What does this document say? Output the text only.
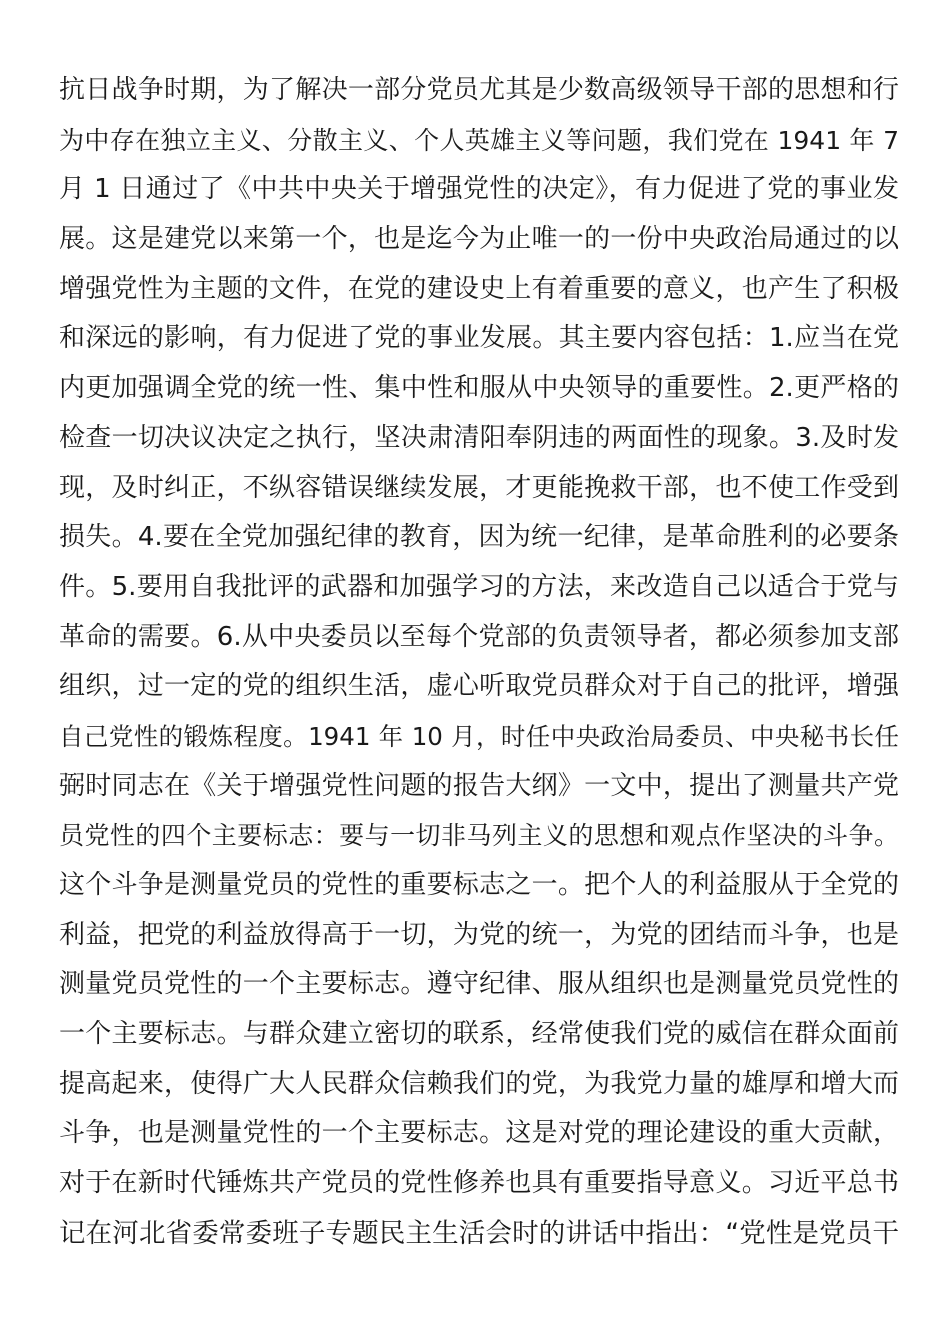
抗日战争时期，为了解决一部分党员尤其是少数高级领导干部的思想和行
为中存在独立主义、分散主义、个人英雄主义等问题，我们党在 1941 年 7
月 1 日通过了《中共中央关于增强党性的决定》，有力促进了党的事业发
展。这是建党以来第一个，也是迄今为止唯一的一份中央政治局通过的以
增强党性为主题的文件，在党的建设史上有着重要的意义，也产生了积极
和深远的影响，有力促进了党的事业发展。其主要内容包括：1.应当在党
内更加强调全党的统一性、集中性和服从中央领导的重要性。2.更严格的
检查一切决议决定之执行，坚决肃清阳奉阴违的两面性的现象。3.及时发
现，及时纠正，不纵容错误继续发展，才更能挽救干部，也不使工作受到
损失。4.要在全党加强纪律的教育，因为统一纪律，是革命胜利的必要条
件。5.要用自我批评的武器和加强学习的方法，来改造自己以适合于党与
革命的需要。6.从中央委员以至每个党部的负责领导者，都必须参加支部
组织，过一定的党的组织生活，虚心听取党员群众对于自己的批评，增强
自己党性的锻炼程度。1941 年 10 月，时任中央政治局委员、中央秘书长任
弼时同志在《关于增强党性问题的报告大纲》一文中，提出了测量共产党
员党性的四个主要标志：要与一切非马列主义的思想和观点作坚决的斗争。
这个斗争是测量党员的党性的重要标志之一。把个人的利益服从于全党的
利益，把党的利益放得高于一切，为党的统一，为党的团结而斗争，也是
测量党员党性的一个主要标志。遵守纪律、服从组织也是测量党员党性的
一个主要标志。与群众建立密切的联系，经常使我们党的威信在群众面前
提高起来，使得广大人民群众信赖我们的党，为我党力量的雄厚和增大而
斗争，也是测量党性的一个主要标志。这是对党的理论建设的重大贡献，
对于在新时代锤炼共产党员的党性修养也具有重要指导意义。习近平总书
记在河北省委常委班子专题民主生活会时的讲话中指出：“党性是党员干
